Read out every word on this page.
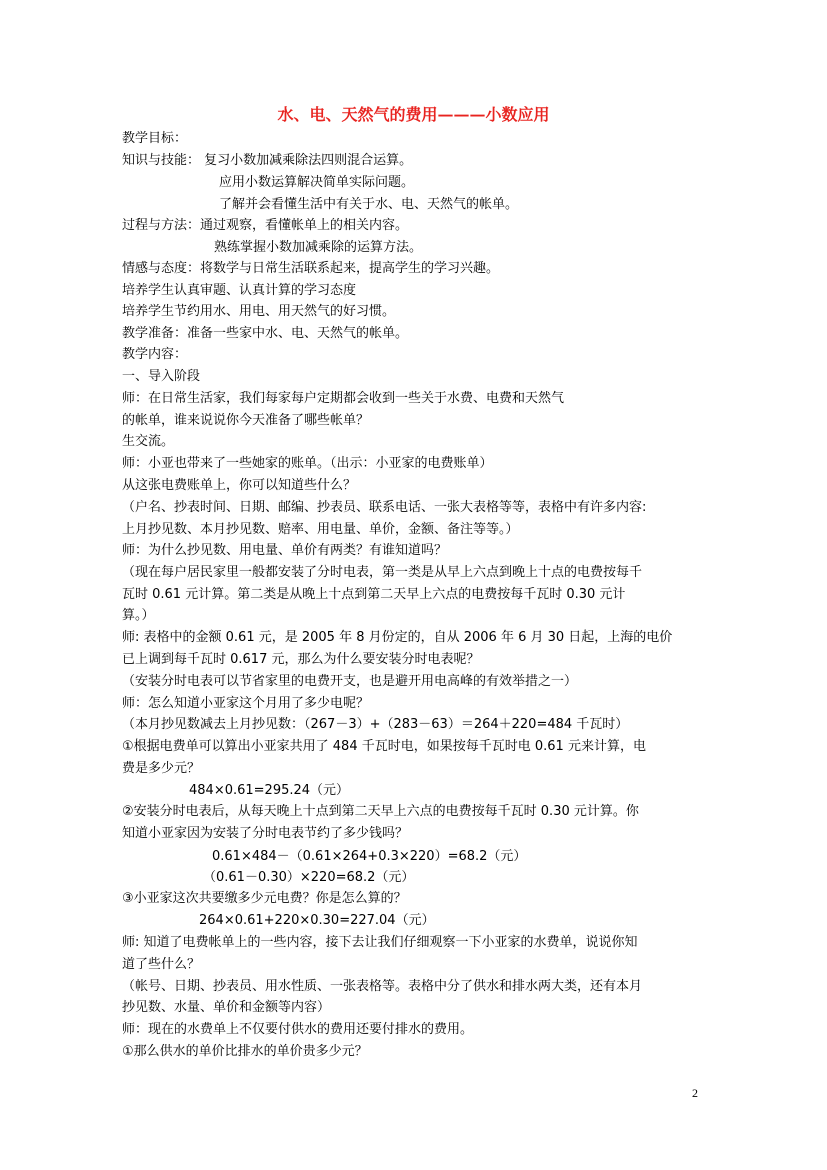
水、电、天然气的费用———小数应用
教学目标：
知识与技能： 复习小数加减乘除法四则混合运算。
应用小数运算解决简单实际问题。
了解并会看懂生活中有关于水、电、天然气的帐单。
过程与方法：通过观察，看懂帐单上的相关内容。
熟练掌握小数加减乘除的运算方法。
情感与态度：将数学与日常生活联系起来，提高学生的学习兴趣。
培养学生认真审题、认真计算的学习态度
培养学生节约用水、用电、用天然气的好习惯。
教学准备：准备一些家中水、电、天然气的帐单。
教学内容：
一、导入阶段
师：在日常生活家，我们每家每户定期都会收到一些关于水费、电费和天然气
的帐单，谁来说说你今天准备了哪些帐单？
生交流。
师：小亚也带来了一些她家的账单。（出示：小亚家的电费账单）
从这张电费账单上，你可以知道些什么？
（户名、抄表时间、日期、邮编、抄表员、联系电话、一张大表格等等，表格中有许多内容:
上月抄见数、本月抄见数、赔率、用电量、单价，金额、备注等等。）
师：为什么抄见数、用电量、单价有两类？有谁知道吗？
（现在每户居民家里一般都安装了分时电表，第一类是从早上六点到晚上十点的电费按每千
瓦时 0.61 元计算。第二类是从晚上十点到第二天早上六点的电费按每千瓦时 0.30 元计
算。）
师: 表格中的金额 0.61 元，是 2005 年 8 月份定的，自从 2006 年 6 月 30 日起，上海的电价
已上调到每千瓦时 0.617 元，那么为什么要安装分时电表呢？
（安装分时电表可以节省家里的电费开支，也是避开用电高峰的有效举措之一）
师：怎么知道小亚家这个月用了多少电呢？
（本月抄见数减去上月抄见数：（267－3）+（283－63）＝264＋220=484 千瓦时）
①根据电费单可以算出小亚家共用了 484 千瓦时电，如果按每千瓦时电 0.61 元来计算，电
费是多少元？
484×0.61=295.24（元）
②安装分时电表后，从每天晚上十点到第二天早上六点的电费按每千瓦时 0.30 元计算。你
知道小亚家因为安装了分时电表节约了多少钱吗？
0.61×484－（0.61×264+0.3×220）=68.2（元）
（0.61－0.30）×220=68.2（元）
③小亚家这次共要缴多少元电费？你是怎么算的？
264×0.61+220×0.30=227.04（元）
师: 知道了电费帐单上的一些内容，接下去让我们仔细观察一下小亚家的水费单，说说你知
道了些什么？
（帐号、日期、抄表员、用水性质、一张表格等。表格中分了供水和排水两大类，还有本月
抄见数、水量、单价和金额等内容）
师：现在的水费单上不仅要付供水的费用还要付排水的费用。
①那么供水的单价比排水的单价贵多少元？
2
